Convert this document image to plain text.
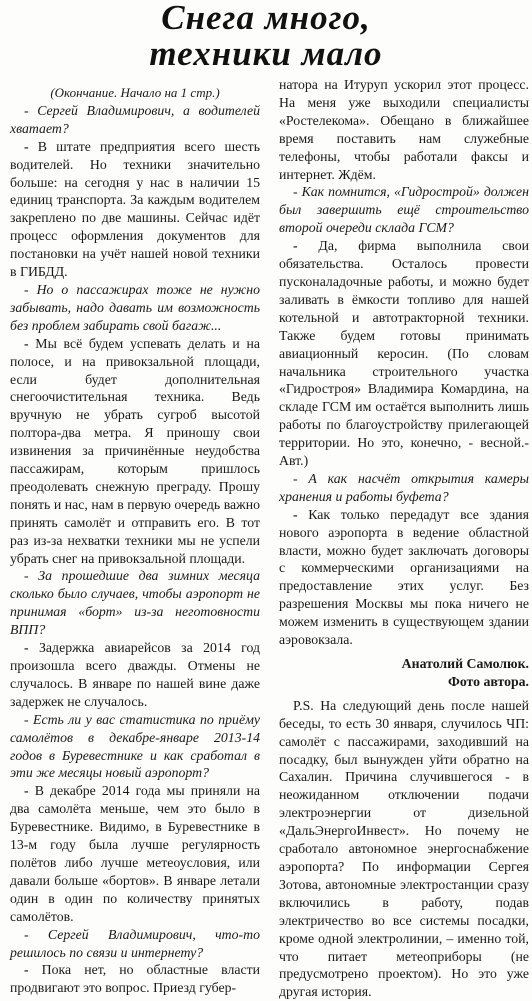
Снега много,
техники мало

(Окончание. Начало на 1 стр.)

- Сергей Владимирович, а водителей хватает?

- В штате предприятия всего шесть водителей. Но техники значительно больше: на сегодня у нас в наличии 15 единиц транспорта. За каждым водителем закреплено по две машины. Сейчас идёт процесс оформления документов для постановки на учёт нашей новой техники в ГИБДД.

- Но о пассажирах тоже не нужно забывать, надо давать им возможность без проблем забирать свой багаж...

- Мы всё будем успевать делать и на полосе, и на привокзальной площади, если будет дополнительная снегоочистительная техника. Ведь вручную не убрать сугроб высотой полтора-два метра. Я приношу свои извинения за причинённые неудобства пассажирам, которым пришлось преодолевать снежную преграду. Прошу понять и нас, нам в первую очередь важно принять самолёт и отправить его. В тот раз из-за нехватки техники мы не успели убрать снег на привокзальной площади.

- За прошедшие два зимних месяца сколько было случаев, чтобы аэропорт не принимая «борт» из-за неготовности ВПП?

- Задержка авиарейсов за 2014 год произошла всего дважды. Отмены не случалось. В январе по нашей вине даже задержек не случалось.

- Есть ли у вас статистика по приёму самолётов в декабре-январе 2013-14 годов в Буревестнике и как сработал в эти же месяцы новый аэропорт?

- В декабре 2014 года мы приняли на два самолёта меньше, чем это было в Буревестнике. Видимо, в Буревестнике в 13-м году была лучше регулярность полётов либо лучше метеоусловия, или давали больше «бортов». В январе летали один в один по количеству принятых самолётов.

- Сергей Владимирович, что-то решилось по связи и интернету?

- Пока нет, но областные власти продвигают это вопрос. Приезд губер-

натора на Итуруп ускорил этот процесс. На меня уже выходили специалисты «Ростелекома». Обещано в ближайшее время поставить нам служебные телефоны, чтобы работали факсы и интернет. Ждём.

- Как помнится, «Гидрострой» должен был завершить ещё строительство второй очереди склада ГСМ?

- Да, фирма выполнила свои обязательства. Осталось провести пусконаладочные работы, и можно будет заливать в ёмкости топливо для нашей котельной и автотракторной техники. Также будем готовы принимать авиационный керосин. (По словам начальника строительного участка «Гидростроя» Владимира Комардина, на складе ГСМ им остаётся выполнить лишь работы по благоустройству прилегающей территории. Но это, конечно, - весной.- Авт.)

- А как насчёт открытия камеры хранения и работы буфета?

- Как только передадут все здания нового аэропорта в ведение областной власти, можно будет заключать договоры с коммерческими организациями на предоставление этих услуг. Без разрешения Москвы мы пока ничего не можем изменить в существующем здании аэровокзала.

Анатолий Самолюк.

Фото автора.

P.S. На следующий день после нашей беседы, то есть 30 января, случилось ЧП: самолёт с пассажирами, заходивший на посадку, был вынужден уйти обратно на Сахалин. Причина случившегося - в неожиданном отключении подачи электроэнергии от дизельной «ДальЭнергоИнвест». Но почему не сработало автономное энергоснабжение аэропорта? По информации Сергея Зотова, автономные электростанции сразу включились в работу, подав электричество во все системы посадки, кроме одной электролинии, – именно той, что питает метеоприборы (не предусмотрено проектом). Но это уже другая история.
